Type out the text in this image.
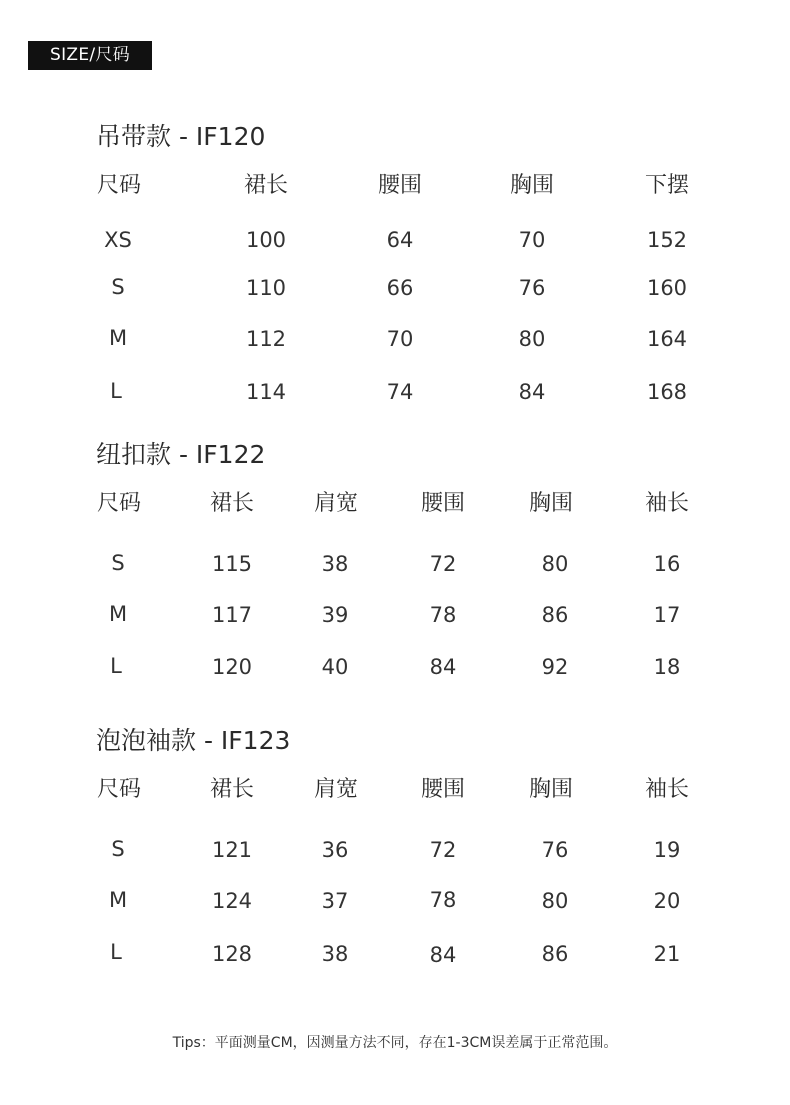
SIZE/尺码
吊带款 - IF120
尺码	裙长	腰围	胸围	下摆
XS	100	64	70	152
S	110	66	76	160
M	112	70	80	164
L	114	74	84	168
纽扣款 - IF122
尺码	裙长	肩宽	腰围	胸围	袖长
S	115	38	72	80	16
M	117	39	78	86	17
L	120	40	84	92	18
泡泡袖款 - IF123
尺码	裙长	肩宽	腰围	胸围	袖长
S	121	36	72	76	19
M	124	37	78	80	20
L	128	38	84	86	21
Tips：平面测量CM，因测量方法不同，存在1-3CM误差属于正常范围。
